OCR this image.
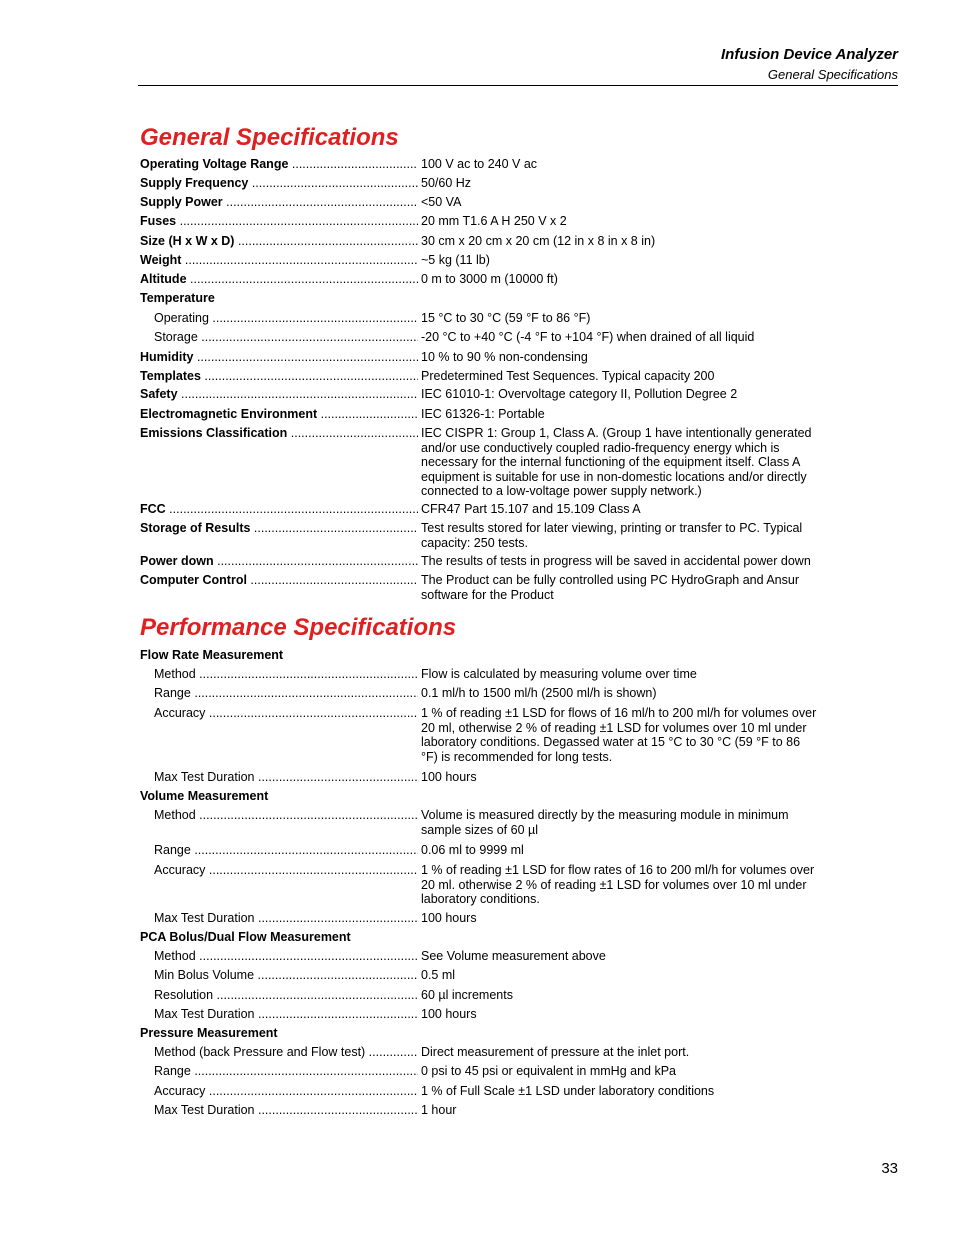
Infusion Device Analyzer
General Specifications
General Specifications
Operating Voltage Range .....	100 V ac to 240 V ac
Supply Frequency .....	50/60 Hz
Supply Power .....	<50 VA
Fuses .....	20 mm T1.6 A H 250 V x 2
Size (H x W x D) .....	30 cm x 20 cm x 20 cm (12 in x 8 in x 8 in)
Weight .....	~5 kg (11 lb)
Altitude .....	0 m to 3000 m (10000 ft)
Temperature
Operating .....	15 °C to 30 °C (59 °F to 86 °F)
Storage .....	-20 °C to +40 °C (-4 °F to +104 °F) when drained of all liquid
Humidity .....	10 % to 90 % non-condensing
Templates .....	Predetermined Test Sequences. Typical capacity 200
Safety .....	IEC 61010-1: Overvoltage category II, Pollution Degree 2
Electromagnetic Environment .....	IEC 61326-1: Portable
Emissions Classification .....	IEC CISPR 1: Group 1, Class A. (Group 1 have intentionally generated and/or use conductively coupled radio-frequency energy which is necessary for the internal functioning of the equipment itself. Class A equipment is suitable for use in non-domestic locations and/or directly connected to a low-voltage power supply network.)
FCC .....	CFR47 Part 15.107 and 15.109 Class A
Storage of Results .....	Test results stored for later viewing, printing or transfer to PC. Typical capacity: 250 tests.
Power down .....	The results of tests in progress will be saved in accidental power down
Computer Control .....	The Product can be fully controlled using PC HydroGraph and Ansur software for the Product
Performance Specifications
Flow Rate Measurement
Method .....	Flow is calculated by measuring volume over time
Range .....	0.1 ml/h to 1500 ml/h (2500 ml/h is shown)
Accuracy .....	1 % of reading ±1 LSD for flows of 16 ml/h to 200 ml/h for volumes over 20 ml, otherwise 2 % of reading ±1 LSD for volumes over 10 ml under laboratory conditions. Degassed water at 15 °C to 30 °C (59 °F to 86 °F) is recommended for long tests.
Max Test Duration .....	100 hours
Volume Measurement
Method .....	Volume is measured directly by the measuring module in minimum sample sizes of 60 µl
Range .....	0.06 ml to 9999 ml
Accuracy .....	1 % of reading ±1 LSD for flow rates of 16 to 200 ml/h for volumes over 20 ml. otherwise 2 % of reading ±1 LSD for volumes over 10 ml under laboratory conditions.
Max Test Duration .....	100 hours
PCA Bolus/Dual Flow Measurement
Method .....	See Volume measurement above
Min Bolus Volume .....	0.5 ml
Resolution .....	60 µl increments
Max Test Duration .....	100 hours
Pressure Measurement
Method (back Pressure and Flow test) .....	Direct measurement of pressure at the inlet port.
Range .....	0 psi to 45 psi or equivalent in mmHg and kPa
Accuracy .....	1 % of Full Scale ±1 LSD under laboratory conditions
Max Test Duration .....	1 hour
33
